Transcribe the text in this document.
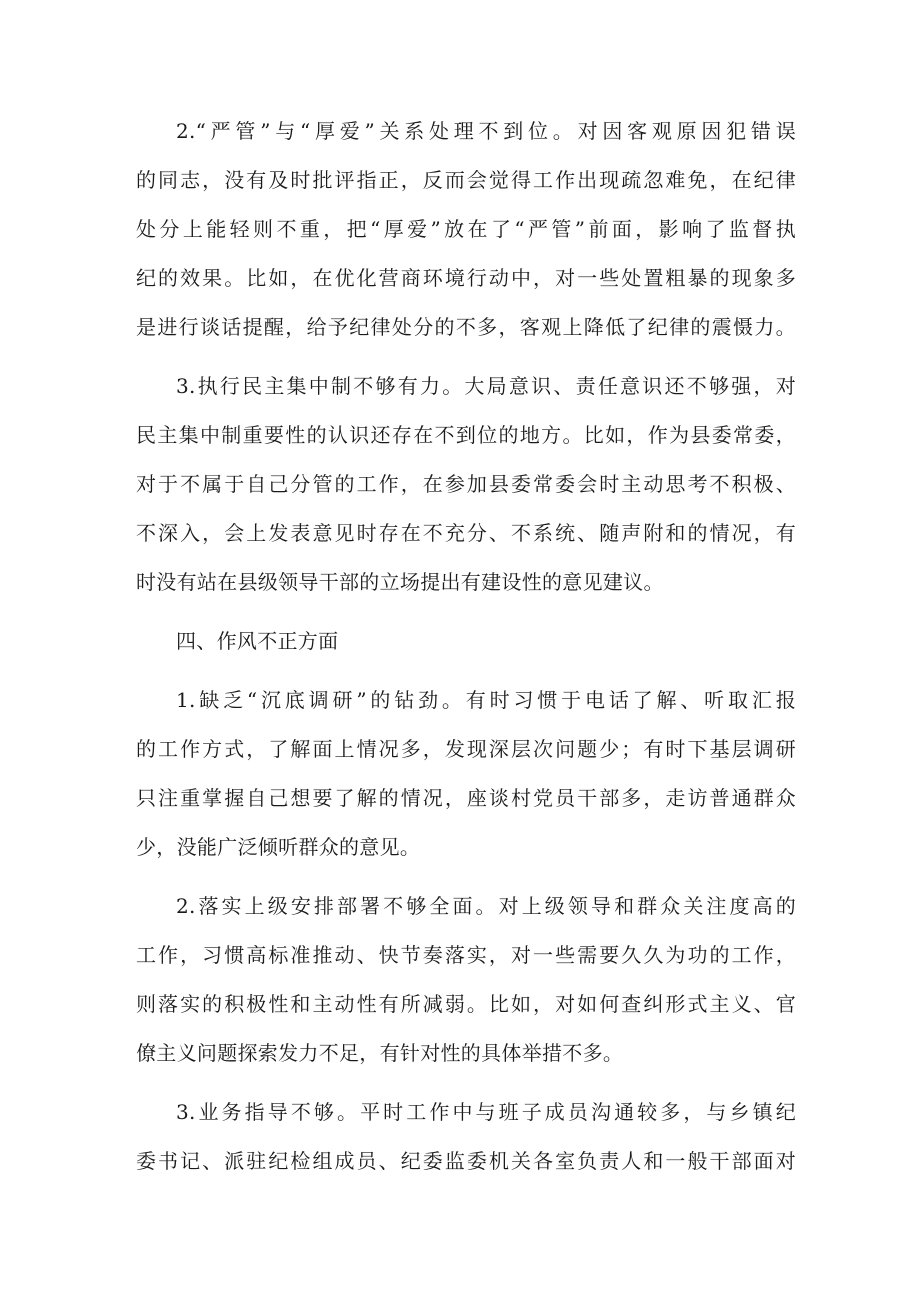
2.“严管”与“厚爱”关系处理不到位。对因客观原因犯错误

的同志，没有及时批评指正，反而会觉得工作出现疏忽难免，在纪律

处分上能轻则不重，把“厚爱”放在了“严管”前面，影响了监督执

纪的效果。比如，在优化营商环境行动中，对一些处置粗暴的现象多

是进行谈话提醒，给予纪律处分的不多，客观上降低了纪律的震慑力。

3.执行民主集中制不够有力。大局意识、责任意识还不够强，对

民主集中制重要性的认识还存在不到位的地方。比如，作为县委常委，

对于不属于自己分管的工作，在参加县委常委会时主动思考不积极、

不深入，会上发表意见时存在不充分、不系统、随声附和的情况，有

时没有站在县级领导干部的立场提出有建设性的意见建议。

四、作风不正方面

1.缺乏“沉底调研”的钻劲。有时习惯于电话了解、听取汇报

的工作方式，了解面上情况多，发现深层次问题少；有时下基层调研

只注重掌握自己想要了解的情况，座谈村党员干部多，走访普通群众

少，没能广泛倾听群众的意见。

2.落实上级安排部署不够全面。对上级领导和群众关注度高的

工作，习惯高标准推动、快节奏落实，对一些需要久久为功的工作，

则落实的积极性和主动性有所减弱。比如，对如何查纠形式主义、官

僚主义问题探索发力不足，有针对性的具体举措不多。

3.业务指导不够。平时工作中与班子成员沟通较多，与乡镇纪

委书记、派驻纪检组成员、纪委监委机关各室负责人和一般干部面对
